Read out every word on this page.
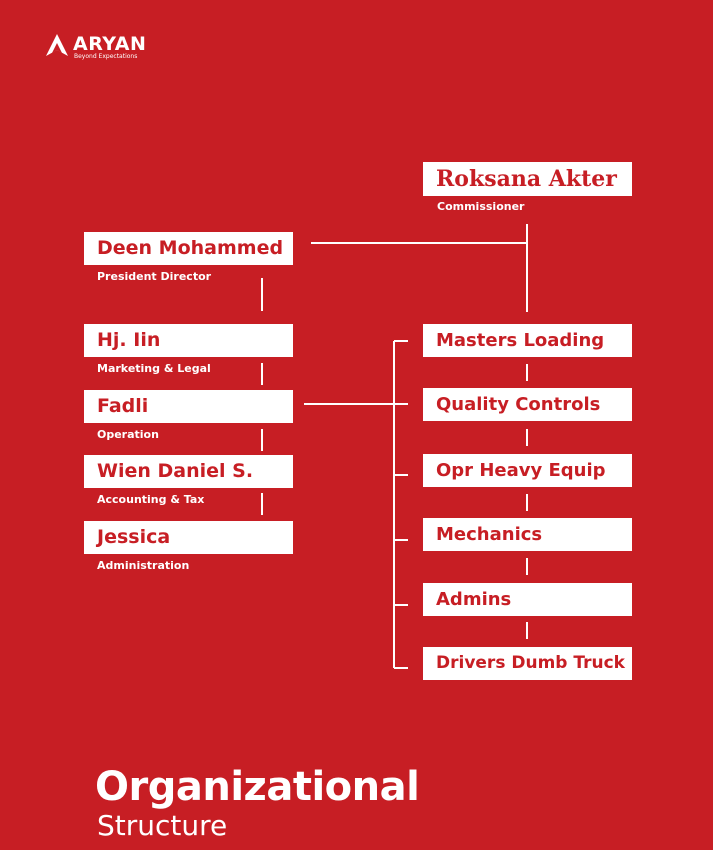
ARYAN
Beyond Expectations
Roksana Akter
Commissioner
Deen Mohammed
President Director
Hj. Iin
Marketing & Legal
Fadli
Operation
Wien Daniel S.
Accounting & Tax
Jessica
Administration
Masters Loading
Quality Controls
Opr Heavy Equip
Mechanics
Admins
Drivers Dumb Truck
Organizational
Structure
